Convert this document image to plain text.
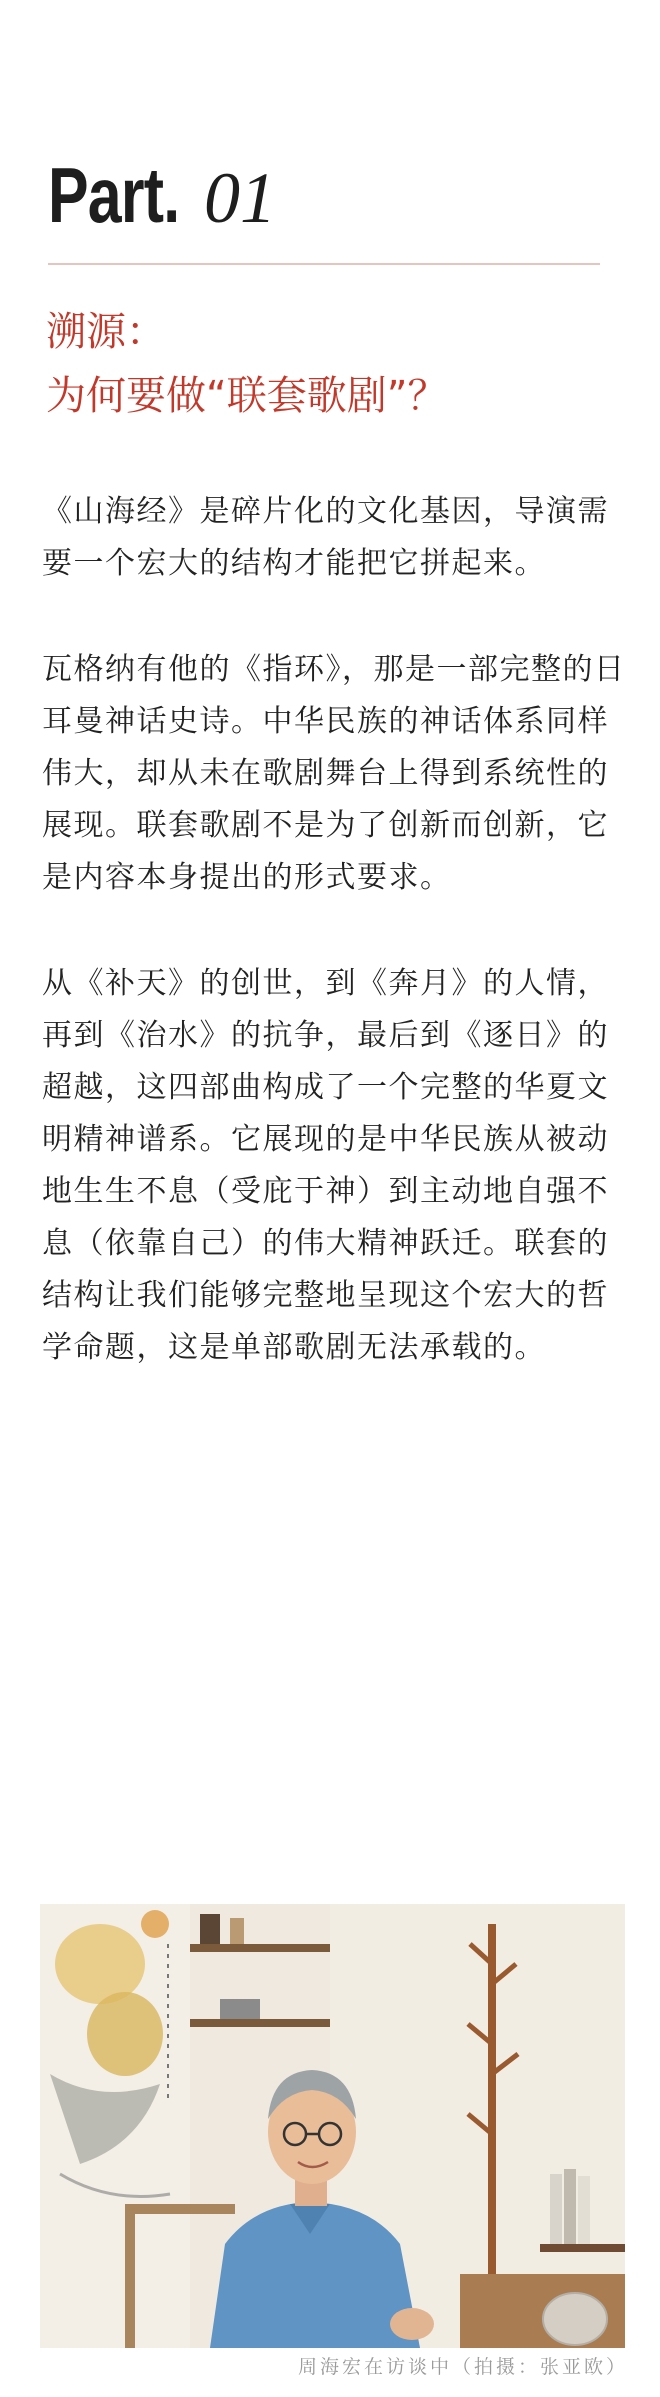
Part. 01
溯源：
为何要做“联套歌剧”？

《山海经》是碎片化的文化基因，导演需要一个宏大的结构才能把它拼起来。

瓦格纳有他的《指环》，那是一部完整的日耳曼神话史诗。中华民族的神话体系同样伟大，却从未在歌剧舞台上得到系统性的展现。联套歌剧不是为了创新而创新，它是内容本身提出的形式要求。

从《补天》的创世，到《奔月》的人情，再到《治水》的抗争，最后到《逐日》的超越，这四部曲构成了一个完整的华夏文明精神谱系。它展现的是中华民族从被动地生生不息（受庇于神）到主动地自强不息（依靠自己）的伟大精神跃迁。联套的结构让我们能够完整地呈现这个宏大的哲学命题，这是单部歌剧无法承载的。

周海宏在访谈中（拍摄：张亚欧）
